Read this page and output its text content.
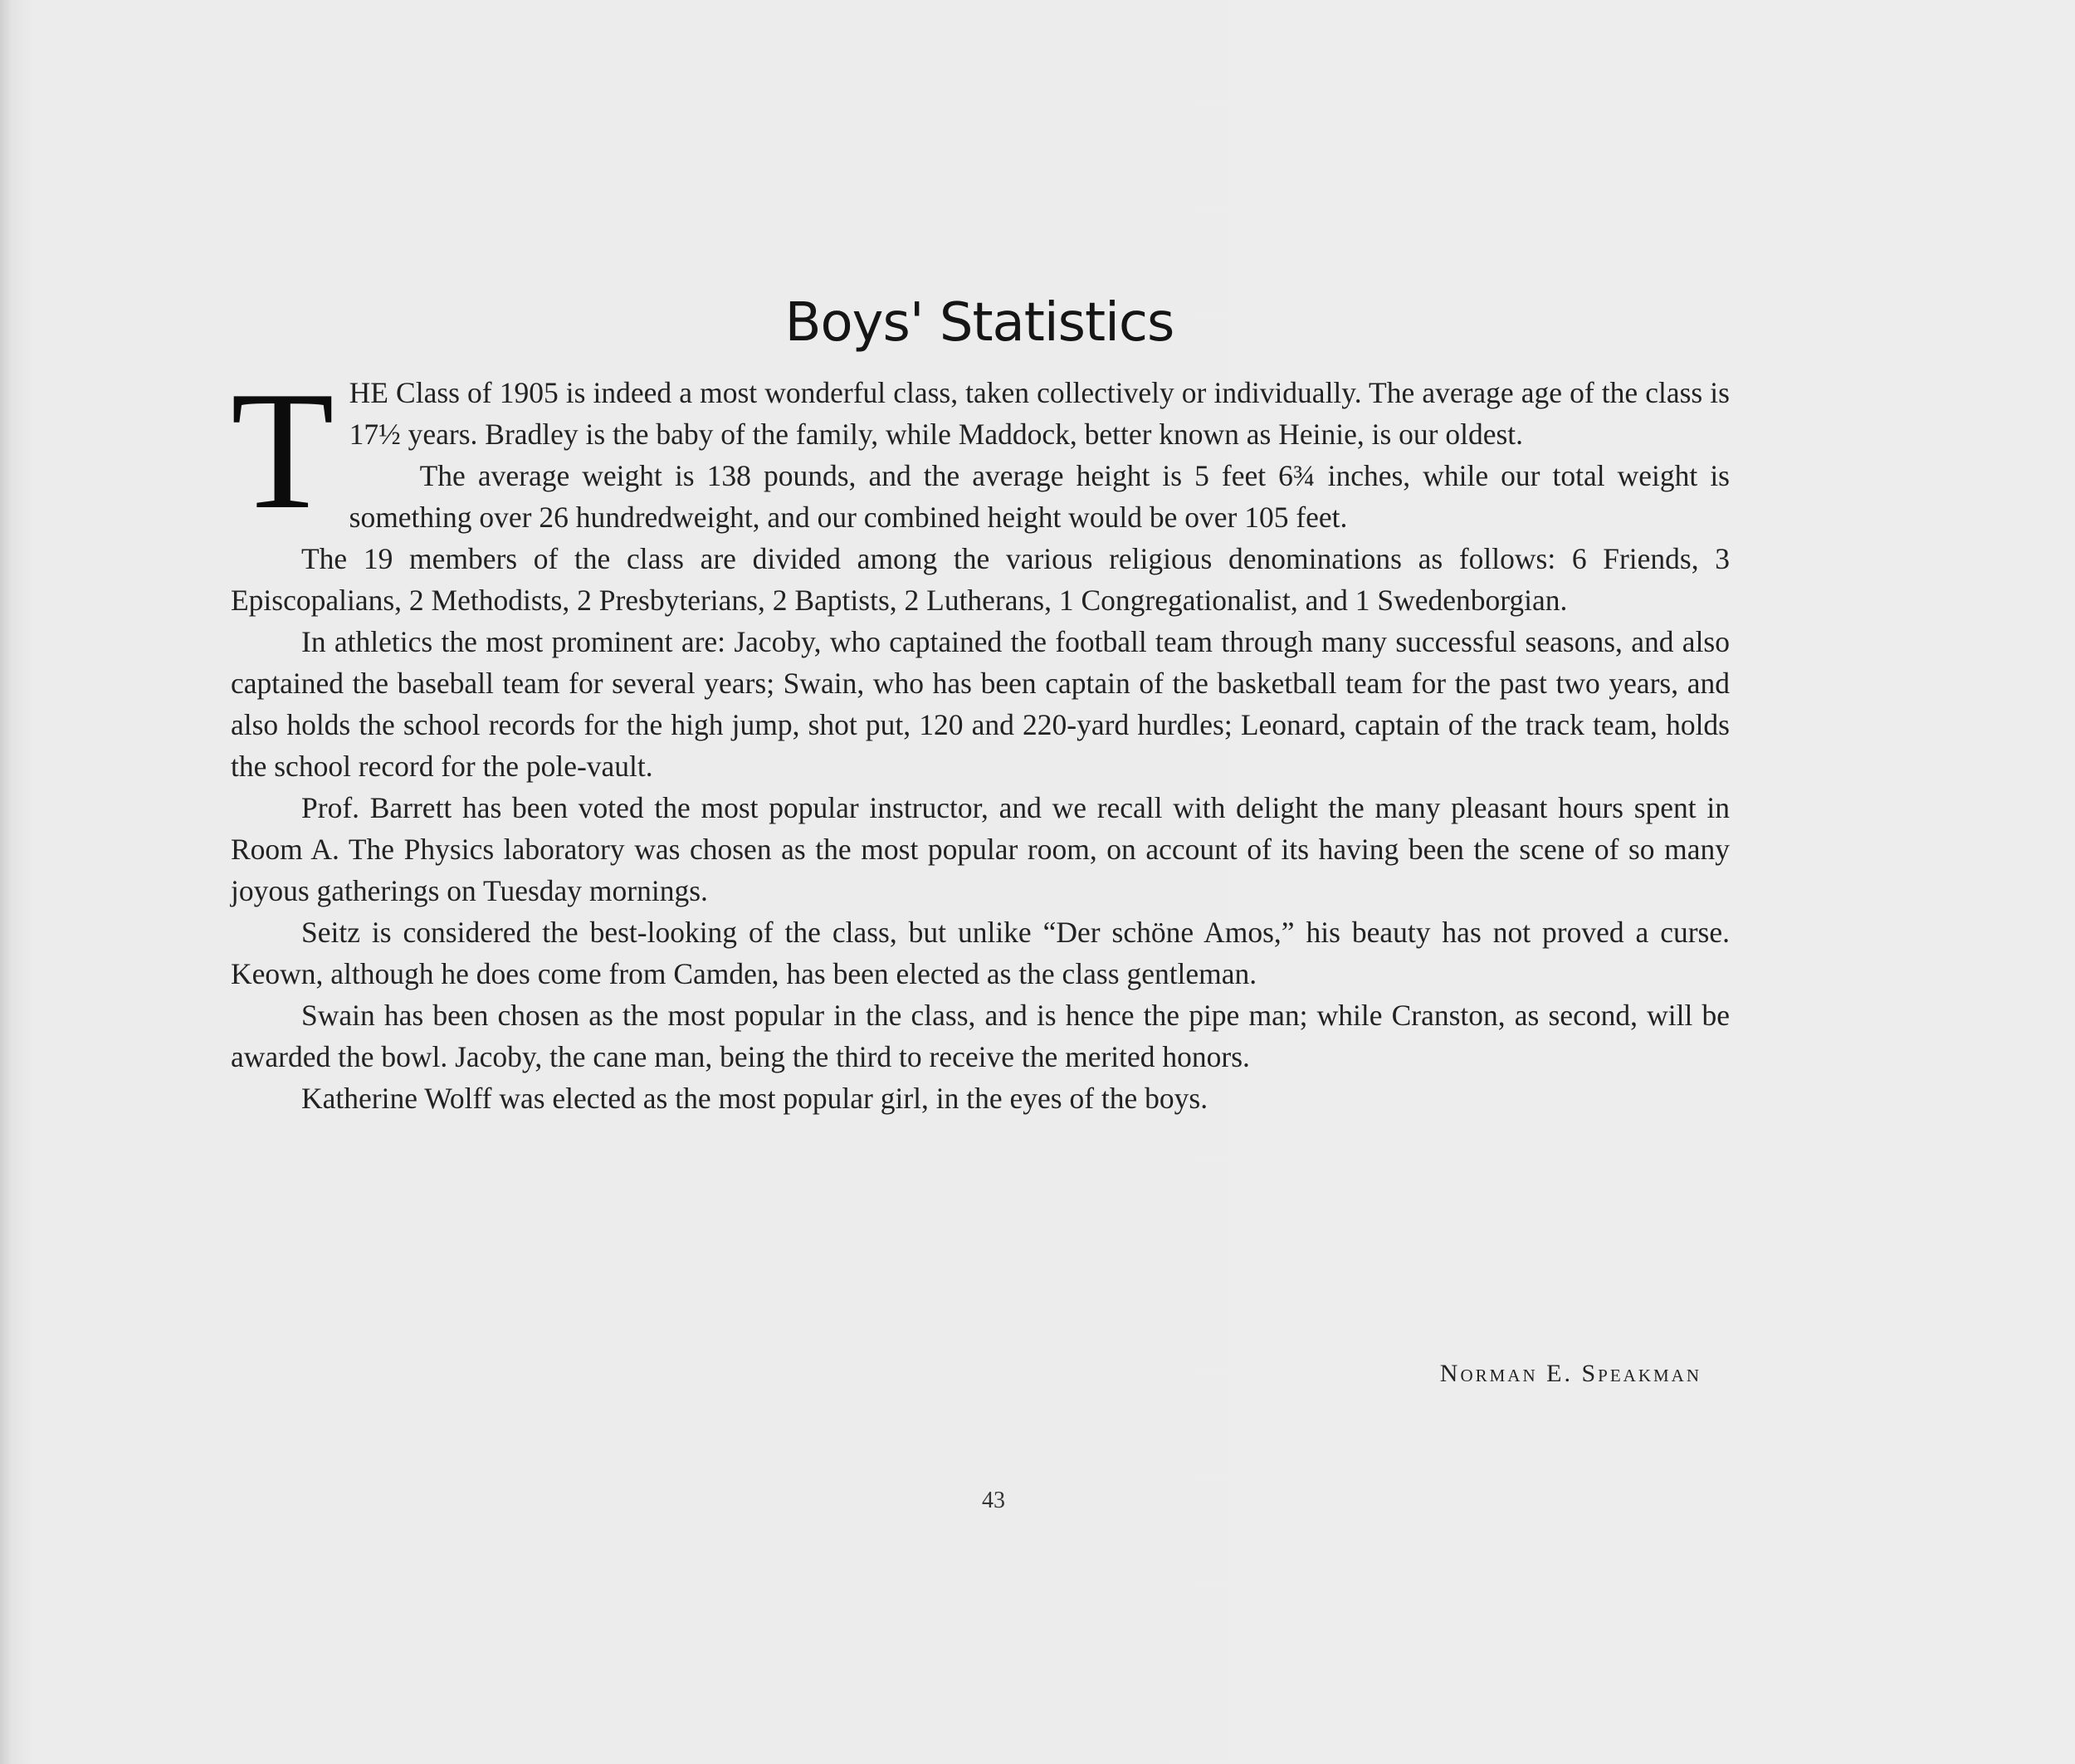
Boys' Statistics

THE Class of 1905 is indeed a most wonderful class, taken collectively or individually. The average age of the class is 17½ years. Bradley is the baby of the family, while Maddock, better known as Heinie, is our oldest.

The average weight is 138 pounds, and the average height is 5 feet 6¾ inches, while our total weight is something over 26 hundredweight, and our combined height would be over 105 feet.

The 19 members of the class are divided among the various religious denominations as follows: 6 Friends, 3 Episcopalians, 2 Methodists, 2 Presbyterians, 2 Baptists, 2 Lutherans, 1 Congregationalist, and 1 Swedenborgian.

In athletics the most prominent are: Jacoby, who captained the football team through many successful seasons, and also captained the baseball team for several years; Swain, who has been captain of the basketball team for the past two years, and also holds the school records for the high jump, shot put, 120 and 220-yard hurdles; Leonard, captain of the track team, holds the school record for the pole-vault.

Prof. Barrett has been voted the most popular instructor, and we recall with delight the many pleasant hours spent in Room A. The Physics laboratory was chosen as the most popular room, on account of its having been the scene of so many joyous gatherings on Tuesday mornings.

Seitz is considered the best-looking of the class, but unlike “Der schöne Amos,” his beauty has not proved a curse. Keown, although he does come from Camden, has been elected as the class gentleman.

Swain has been chosen as the most popular in the class, and is hence the pipe man; while Cranston, as second, will be awarded the bowl. Jacoby, the cane man, being the third to receive the merited honors.

Katherine Wolff was elected as the most popular girl, in the eyes of the boys.

Norman E. Speakman
43
